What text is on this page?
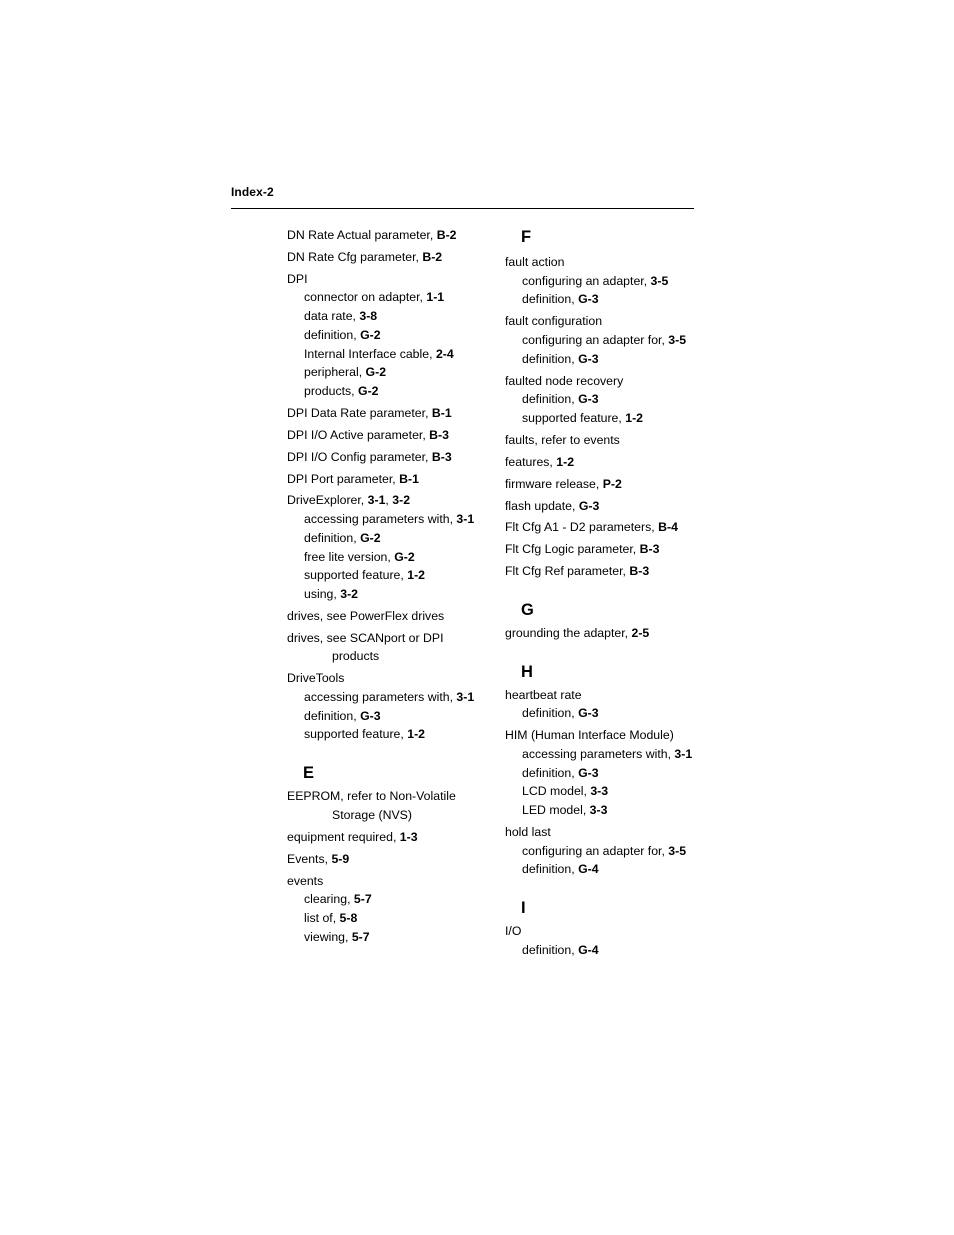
Index-2
DN Rate Actual parameter, B-2
DN Rate Cfg parameter, B-2
DPI
connector on adapter, 1-1
data rate, 3-8
definition, G-2
Internal Interface cable, 2-4
peripheral, G-2
products, G-2
DPI Data Rate parameter, B-1
DPI I/O Active parameter, B-3
DPI I/O Config parameter, B-3
DPI Port parameter, B-1
DriveExplorer, 3-1, 3-2
accessing parameters with, 3-1
definition, G-2
free lite version, G-2
supported feature, 1-2
using, 3-2
drives, see PowerFlex drives
drives, see SCANport or DPI
products
DriveTools
accessing parameters with, 3-1
definition, G-3
supported feature, 1-2
E
EEPROM, refer to Non-Volatile
Storage (NVS)
equipment required, 1-3
Events, 5-9
events
clearing, 5-7
list of, 5-8
viewing, 5-7
F
fault action
configuring an adapter, 3-5
definition, G-3
fault configuration
configuring an adapter for, 3-5
definition, G-3
faulted node recovery
definition, G-3
supported feature, 1-2
faults, refer to events
features, 1-2
firmware release, P-2
flash update, G-3
Flt Cfg A1 - D2 parameters, B-4
Flt Cfg Logic parameter, B-3
Flt Cfg Ref parameter, B-3
G
grounding the adapter, 2-5
H
heartbeat rate
definition, G-3
HIM (Human Interface Module)
accessing parameters with, 3-1
definition, G-3
LCD model, 3-3
LED model, 3-3
hold last
configuring an adapter for, 3-5
definition, G-4
I
I/O
definition, G-4
